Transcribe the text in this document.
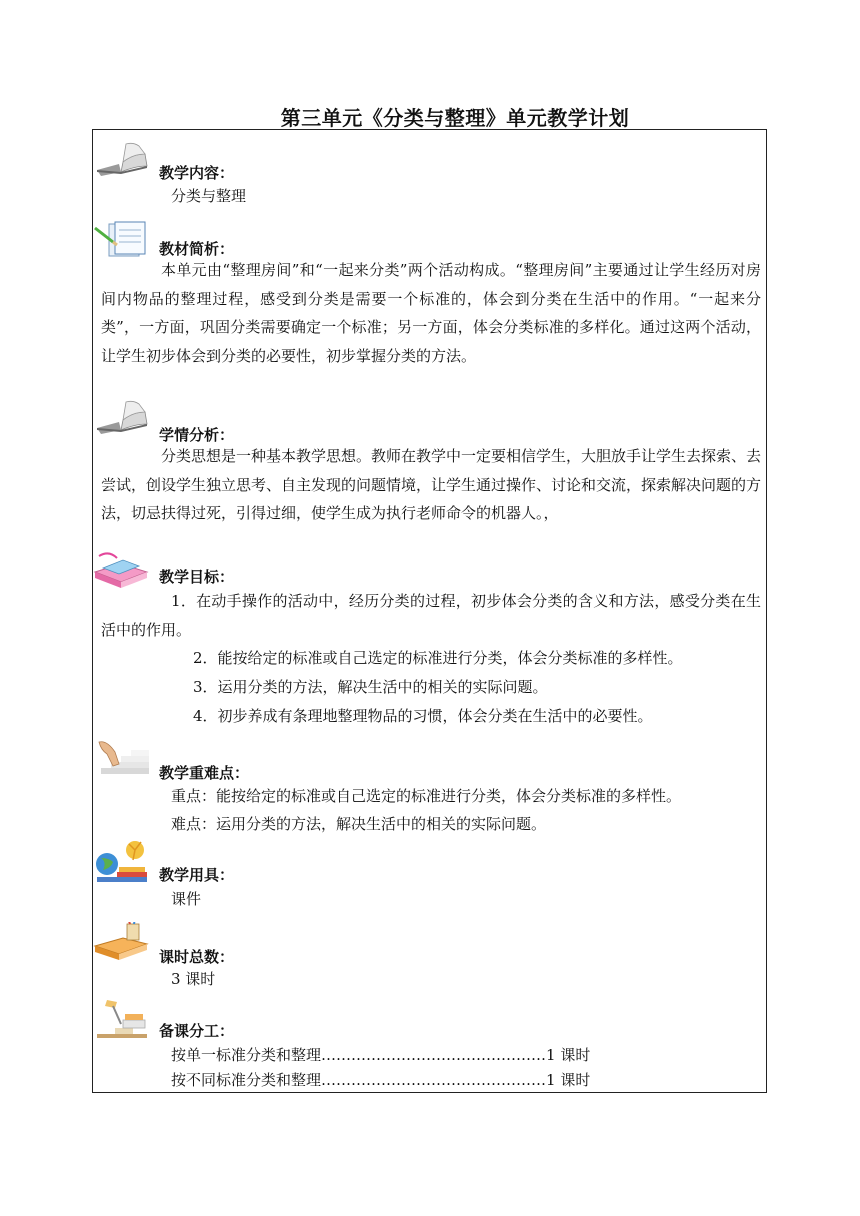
第三单元《分类与整理》单元教学计划
教学内容：
分类与整理
教材简析：

本单元由“整理房间”和“一起来分类”两个活动构成。“整理房间”主要通过让学生经历对房间内物品的整理过程，感受到分类是需要一个标准的，体会到分类在生活中的作用。“一起来分类”，一方面，巩固分类需要确定一个标准；另一方面，体会分类标准的多样化。通过这两个活动，让学生初步体会到分类的必要性，初步掌握分类的方法。

学情分析：

分类思想是一种基本教学思想。教师在教学中一定要相信学生，大胆放手让学生去探索、去尝试，创设学生独立思考、自主发现的问题情境，让学生通过操作、讨论和交流，探索解决问题的方法，切忌扶得过死，引得过细，使学生成为执行老师命令的机器人。，

教学目标：

1．在动手操作的活动中，经历分类的过程，初步体会分类的含义和方法，感受分类在生活中的作用。

2．能按给定的标准或自己选定的标准进行分类，体会分类标准的多样性。
3．运用分类的方法，解决生活中的相关的实际问题。
4．初步养成有条理地整理物品的习惯，体会分类在生活中的必要性。
教学重难点：
重点：能按给定的标准或自己选定的标准进行分类，体会分类标准的多样性。
难点：运用分类的方法，解决生活中的相关的实际问题。
教学用具：
课件
课时总数：
3 课时
备课分工：
按单一标准分类和整理………………………………………1 课时
按不同标准分类和整理………………………………………1 课时
